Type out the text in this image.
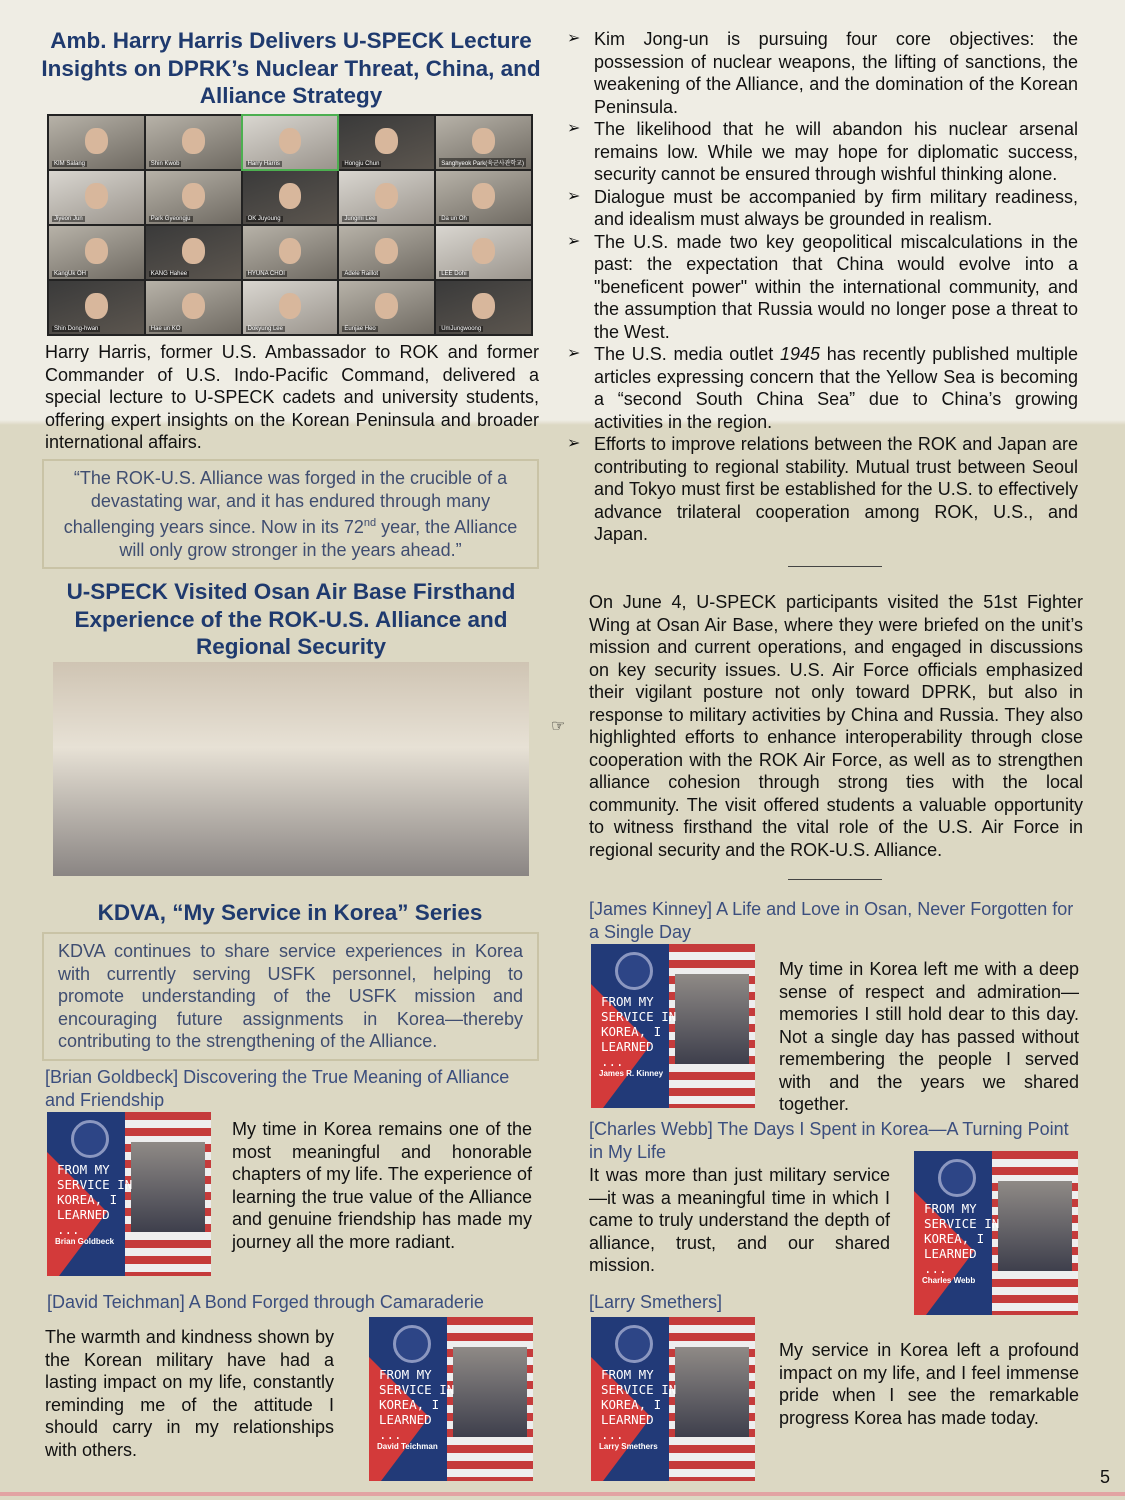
Amb. Harry Harris Delivers U-SPECK Lecture Insights on DPRK’s Nuclear Threat, China, and Alliance Strategy
KIM Salang	Shin Kwob	Harry Harris	Hongju Chun	Sanghyeok Park(육군사관학교)
Jiyeon Jun	Park Gyeongju	OK Juyoung	Jungmi Lee	Da un Oh
KangUk OH	KANG Hahee	HYUNA CHOI	Adele Raillot	LEE Dohi
Shin Dong-hwan	Hae un KO	Dokyung Lee	Eunjae Heo	UmJungwoong
Harry Harris, former U.S. Ambassador to ROK and former Commander of U.S. Indo-Pacific Command, delivered a special lecture to U-SPECK cadets and university students, offering expert insights on the Korean Peninsula and broader international affairs.
“The ROK-U.S. Alliance was forged in the crucible of a devastating war, and it has endured through many challenging years since. Now in its 72nd year, the Alliance will only grow stronger in the years ahead.”
➢ Kim Jong-un is pursuing four core objectives: the possession of nuclear weapons, the lifting of sanctions, the weakening of the Alliance, and the domination of the Korean Peninsula.
➢ The likelihood that he will abandon his nuclear arsenal remains low. While we may hope for diplomatic success, security cannot be ensured through wishful thinking alone.
➢ Dialogue must be accompanied by firm military readiness, and idealism must always be grounded in realism.
➢ The U.S. made two key geopolitical miscalculations in the past: the expectation that China would evolve into a "beneficent power" within the international community, and the assumption that Russia would no longer pose a threat to the West.
➢ The U.S. media outlet 1945 has recently published multiple articles expressing concern that the Yellow Sea is becoming a “second South China Sea” due to China’s growing activities in the region.
➢ Efforts to improve relations between the ROK and Japan are contributing to regional stability. Mutual trust between Seoul and Tokyo must first be established for the U.S. to effectively advance trilateral cooperation among ROK, U.S., and Japan.
U-SPECK Visited Osan Air Base Firsthand Experience of the ROK-U.S. Alliance and Regional Security
☞
On June 4, U-SPECK participants visited the 51st Fighter Wing at Osan Air Base, where they were briefed on the unit’s mission and current operations, and engaged in discussions on key security issues. U.S. Air Force officials emphasized their vigilant posture not only toward DPRK, but also in response to military activities by China and Russia. They also highlighted efforts to enhance interoperability through close cooperation with the ROK Air Force, as well as to strengthen alliance cohesion through strong ties with the local community. The visit offered students a valuable opportunity to witness firsthand the vital role of the U.S. Air Force in regional security and the ROK-U.S. Alliance.
KDVA, “My Service in Korea” Series
KDVA continues to share service experiences in Korea with currently serving USFK personnel, helping to promote understanding of the USFK mission and encouraging future assignments in Korea—thereby contributing to the strengthening of the Alliance.
[Brian Goldbeck] Discovering the True Meaning of Alliance and Friendship
FROM MY SERVICE IN KOREA, I LEARNED ...
Brian Goldbeck
My time in Korea remains one of the most meaningful and honorable chapters of my life. The experience of learning the true value of the Alliance and genuine friendship has made my journey all the more radiant.
[David Teichman] A Bond Forged through Camaraderie
The warmth and kindness shown by the Korean military have had a lasting impact on my life, constantly reminding me of the attitude I should carry in my relationships with others.
FROM MY SERVICE IN KOREA, I LEARNED ...
David Teichman
[James Kinney] A Life and Love in Osan, Never Forgotten for a Single Day
FROM MY SERVICE IN KOREA, I LEARNED ...
James R. Kinney
My time in Korea left me with a deep sense of respect and admiration—memories I still hold dear to this day. Not a single day has passed without remembering the people I served with and the years we shared together.
[Charles Webb] The Days I Spent in Korea—A Turning Point in My Life
It was more than just military service—it was a meaningful time in which I came to truly understand the depth of alliance, trust, and our shared mission.
FROM MY SERVICE IN KOREA, I LEARNED ...
Charles Webb
[Larry Smethers]
FROM MY SERVICE IN KOREA, I LEARNED ...
Larry Smethers
My service in Korea left a profound impact on my life, and I feel immense pride when I see the remarkable progress Korea has made today.
5
